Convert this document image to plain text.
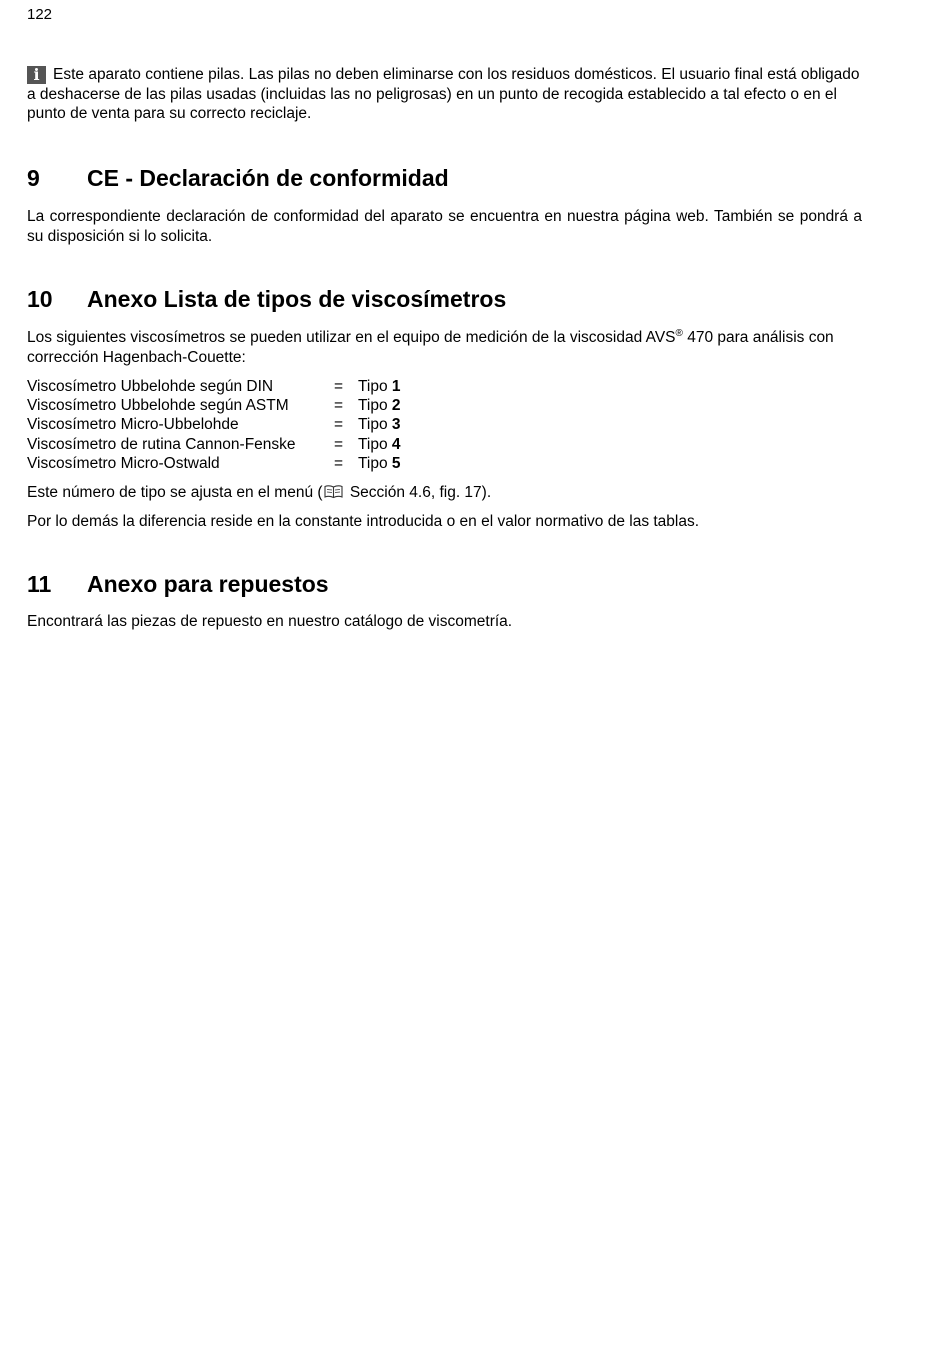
122

i Este aparato contiene pilas. Las pilas no deben eliminarse con los residuos domésticos. El usuario final está obligado a deshacerse de las pilas usadas (incluidas las no peligrosas) en un punto de recogida establecido a tal efecto o en el punto de venta para su correcto reciclaje.

9 CE - Declaración de conformidad

La correspondiente declaración de conformidad del aparato se encuentra en nuestra página web. También se pondrá a su disposición si lo solicita.

10 Anexo Lista de tipos de viscosímetros

Los siguientes viscosímetros se pueden utilizar en el equipo de medición de la viscosidad AVS® 470 para análisis con corrección Hagenbach-Couette:

Viscosímetro Ubbelohde según DIN	= Tipo 1
Viscosímetro Ubbelohde según ASTM	= Tipo 2
Viscosímetro Micro-Ubbelohde	= Tipo 3
Viscosímetro de rutina Cannon-Fenske	= Tipo 4
Viscosímetro Micro-Ostwald	= Tipo 5

Este número de tipo se ajusta en el menú ( Sección 4.6, fig. 17).

Por lo demás la diferencia reside en la constante introducida o en el valor normativo de las tablas.

11 Anexo para repuestos

Encontrará las piezas de repuesto en nuestro catálogo de viscometría.
